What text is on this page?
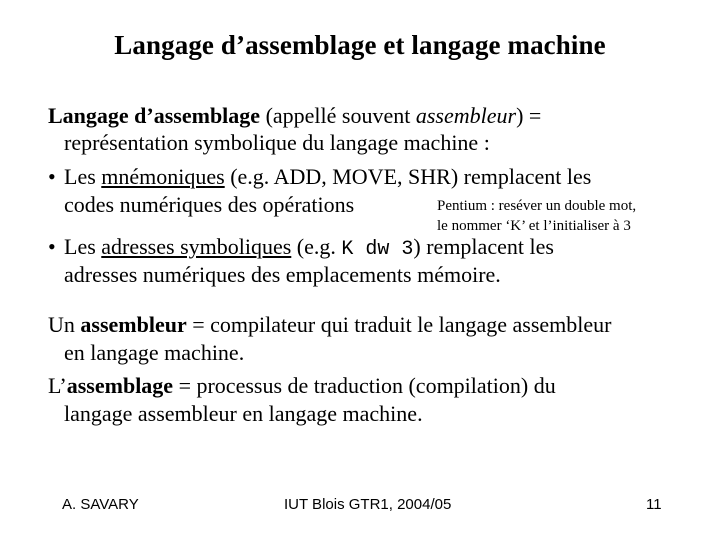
Langage d’assemblage et langage machine
Langage d’assemblage (appellé souvent assembleur) =
représentation symbolique du langage machine :
• Les mnémoniques (e.g. ADD, MOVE, SHR) remplacent les
codes numériques des opérations	Pentium : reséver un double mot,
le nommer ‘K’ et l’initialiser à 3
• Les adresses symboliques (e.g. K dw 3) remplacent les
adresses numériques des emplacements mémoire.
Un assembleur = compilateur qui traduit le langage assembleur
en langage machine.
L’assemblage = processus de traduction (compilation) du
langage assembleur en langage machine.
A. SAVARY	IUT Blois GTR1, 2004/05	11
